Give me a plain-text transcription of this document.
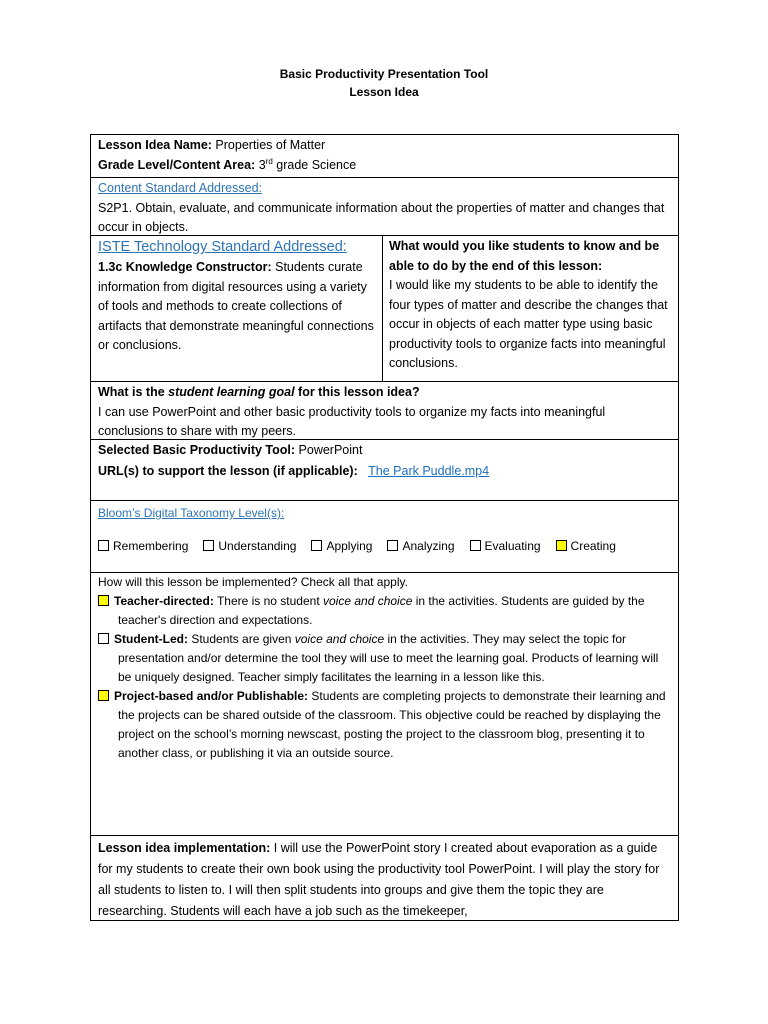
Basic Productivity Presentation Tool
Lesson Idea
Lesson Idea Name: Properties of Matter
Grade Level/Content Area: 3rd grade Science
Content Standard Addressed:
S2P1. Obtain, evaluate, and communicate information about the properties of matter and changes that occur in objects.
ISTE Technology Standard Addressed:
1.3c Knowledge Constructor: Students curate information from digital resources using a variety of tools and methods to create collections of artifacts that demonstrate meaningful connections or conclusions.
What would you like students to know and be able to do by the end of this lesson:
I would like my students to be able to identify the four types of matter and describe the changes that occur in objects of each matter type using basic productivity tools to organize facts into meaningful conclusions.
What is the student learning goal for this lesson idea?
I can use PowerPoint and other basic productivity tools to organize my facts into meaningful conclusions to share with my peers.
Selected Basic Productivity Tool: PowerPoint
URL(s) to support the lesson (if applicable): The Park Puddle.mp4
Bloom’s Digital Taxonomy Level(s):
Remembering	Understanding	Applying	Analyzing	Evaluating	Creating

How will this lesson be implemented? Check all that apply.

Teacher-directed: There is no student voice and choice in the activities. Students are guided by the teacher's direction and expectations.

Student-Led: Students are given voice and choice in the activities. They may select the topic for presentation and/or determine the tool they will use to meet the learning goal. Products of learning will be uniquely designed. Teacher simply facilitates the learning in a lesson like this.

Project-based and/or Publishable: Students are completing projects to demonstrate their learning and the projects can be shared outside of the classroom. This objective could be reached by displaying the project on the school’s morning newscast, posting the project to the classroom blog, presenting it to another class, or publishing it via an outside source.

Lesson idea implementation: I will use the PowerPoint story I created about evaporation as a guide for my students to create their own book using the productivity tool PowerPoint. I will play the story for all students to listen to. I will then split students into groups and give them the topic they are researching. Students will each have a job such as the timekeeper,
